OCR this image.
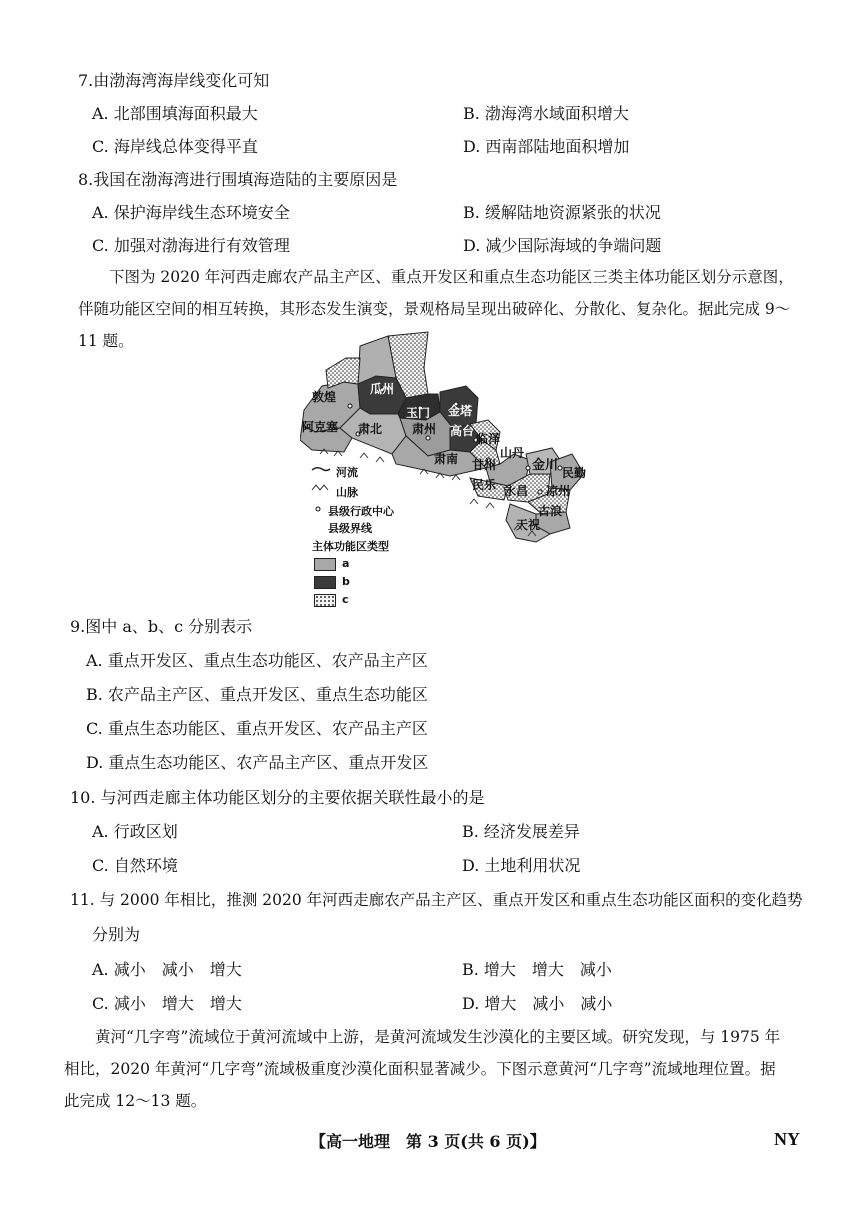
7.由渤海湾海岸线变化可知
A. 北部围填海面积最大	B. 渤海湾水域面积增大
C. 海岸线总体变得平直	D. 西南部陆地面积增加
8.我国在渤海湾进行围填海造陆的主要原因是
A. 保护海岸线生态环境安全	B. 缓解陆地资源紧张的状况
C. 加强对渤海进行有效管理	D. 减少国际海域的争端问题
下图为 2020 年河西走廊农产品主产区、重点开发区和重点生态功能区三类主体功能区划分示意图，伴随功能区空间的相互转换，其形态发生演变，景观格局呈现出破碎化、分散化、复杂化。据此完成 9～11 题。
敦煌
瓜州
玉门 金塔
阿克塞 肃北 肃州 高台
临泽
肃南 甘州
山丹
民乐
金川
永昌
民勤
凉州
古浪
天祝
河流
山脉
县级行政中心
县级界线
主体功能区类型
a
b
c
9.图中 a、b、c 分别表示
A. 重点开发区、重点生态功能区、农产品主产区
B. 农产品主产区、重点开发区、重点生态功能区
C. 重点生态功能区、重点开发区、农产品主产区
D. 重点生态功能区、农产品主产区、重点开发区
10. 与河西走廊主体功能区划分的主要依据关联性最小的是
A. 行政区划	B. 经济发展差异
C. 自然环境	D. 土地利用状况
11. 与 2000 年相比，推测 2020 年河西走廊农产品主产区、重点开发区和重点生态功能区面积的变化趋势
分别为
A. 减小　减小　增大	B. 增大　增大　减小
C. 减小　增大　增大	D. 增大　减小　减小
黄河“几字弯”流域位于黄河流域中上游，是黄河流域发生沙漠化的主要区域。研究发现，与 1975 年相比，2020 年黄河“几字弯”流域极重度沙漠化面积显著减少。下图示意黄河“几字弯”流域地理位置。据此完成 12～13 题。
【高一地理　第 3 页(共 6 页)】	NY
